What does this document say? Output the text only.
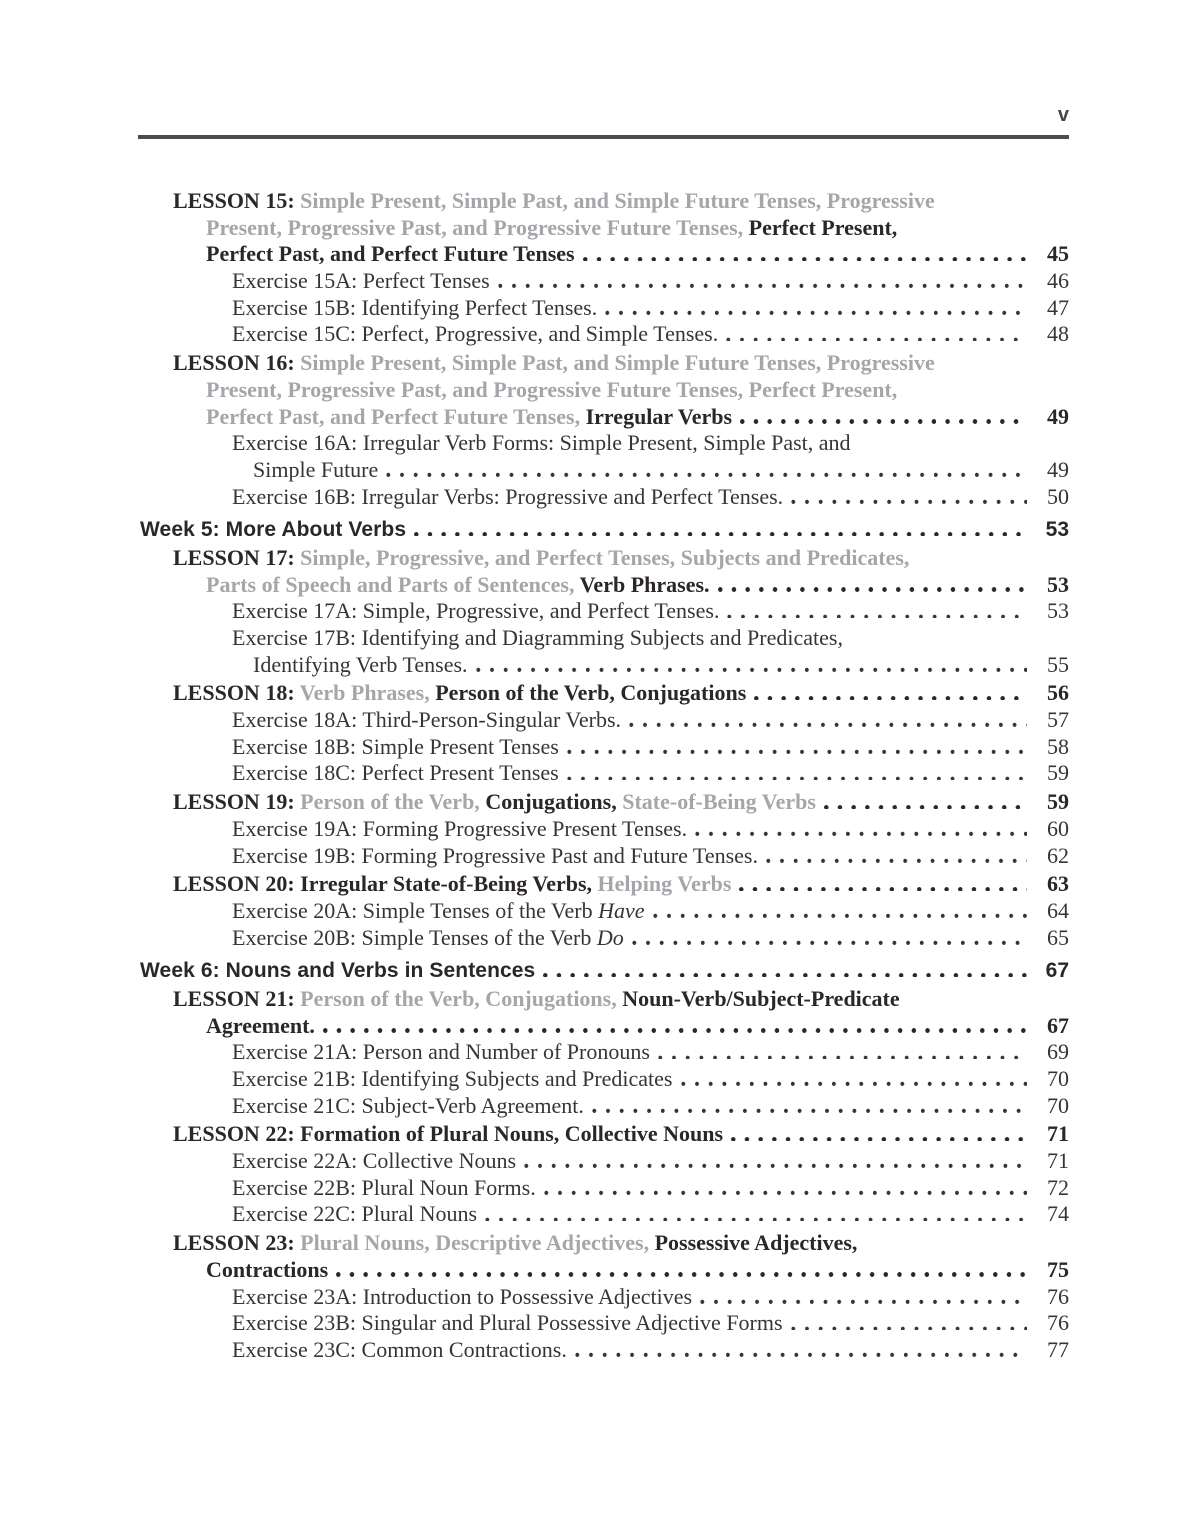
v
LESSON 15: Simple Present, Simple Past, and Simple Future Tenses, Progressive
Present, Progressive Past, and Progressive Future Tenses, Perfect Present,
Perfect Past, and Perfect Future Tenses	45
Exercise 15A: Perfect Tenses	46
Exercise 15B: Identifying Perfect Tenses.	47
Exercise 15C: Perfect, Progressive, and Simple Tenses.	48
LESSON 16: Simple Present, Simple Past, and Simple Future Tenses, Progressive
Present, Progressive Past, and Progressive Future Tenses, Perfect Present,
Perfect Past, and Perfect Future Tenses, Irregular Verbs	49
Exercise 16A: Irregular Verb Forms: Simple Present, Simple Past, and
Simple Future	49
Exercise 16B: Irregular Verbs: Progressive and Perfect Tenses.	50
Week 5: More About Verbs	53
LESSON 17: Simple, Progressive, and Perfect Tenses, Subjects and Predicates,
Parts of Speech and Parts of Sentences, Verb Phrases.	53
Exercise 17A: Simple, Progressive, and Perfect Tenses.	53
Exercise 17B: Identifying and Diagramming Subjects and Predicates,
Identifying Verb Tenses.	55
LESSON 18: Verb Phrases, Person of the Verb, Conjugations	56
Exercise 18A: Third-Person-Singular Verbs.	57
Exercise 18B: Simple Present Tenses	58
Exercise 18C: Perfect Present Tenses	59
LESSON 19: Person of the Verb, Conjugations, State-of-Being Verbs	59
Exercise 19A: Forming Progressive Present Tenses.	60
Exercise 19B: Forming Progressive Past and Future Tenses.	62
LESSON 20: Irregular State-of-Being Verbs, Helping Verbs	63
Exercise 20A: Simple Tenses of the Verb Have	64
Exercise 20B: Simple Tenses of the Verb Do	65
Week 6: Nouns and Verbs in Sentences	67
LESSON 21: Person of the Verb, Conjugations, Noun-Verb/Subject-Predicate
Agreement.	67
Exercise 21A: Person and Number of Pronouns	69
Exercise 21B: Identifying Subjects and Predicates	70
Exercise 21C: Subject-Verb Agreement.	70
LESSON 22: Formation of Plural Nouns, Collective Nouns	71
Exercise 22A: Collective Nouns	71
Exercise 22B: Plural Noun Forms.	72
Exercise 22C: Plural Nouns	74
LESSON 23: Plural Nouns, Descriptive Adjectives, Possessive Adjectives,
Contractions	75
Exercise 23A: Introduction to Possessive Adjectives	76
Exercise 23B: Singular and Plural Possessive Adjective Forms	76
Exercise 23C: Common Contractions.	77
